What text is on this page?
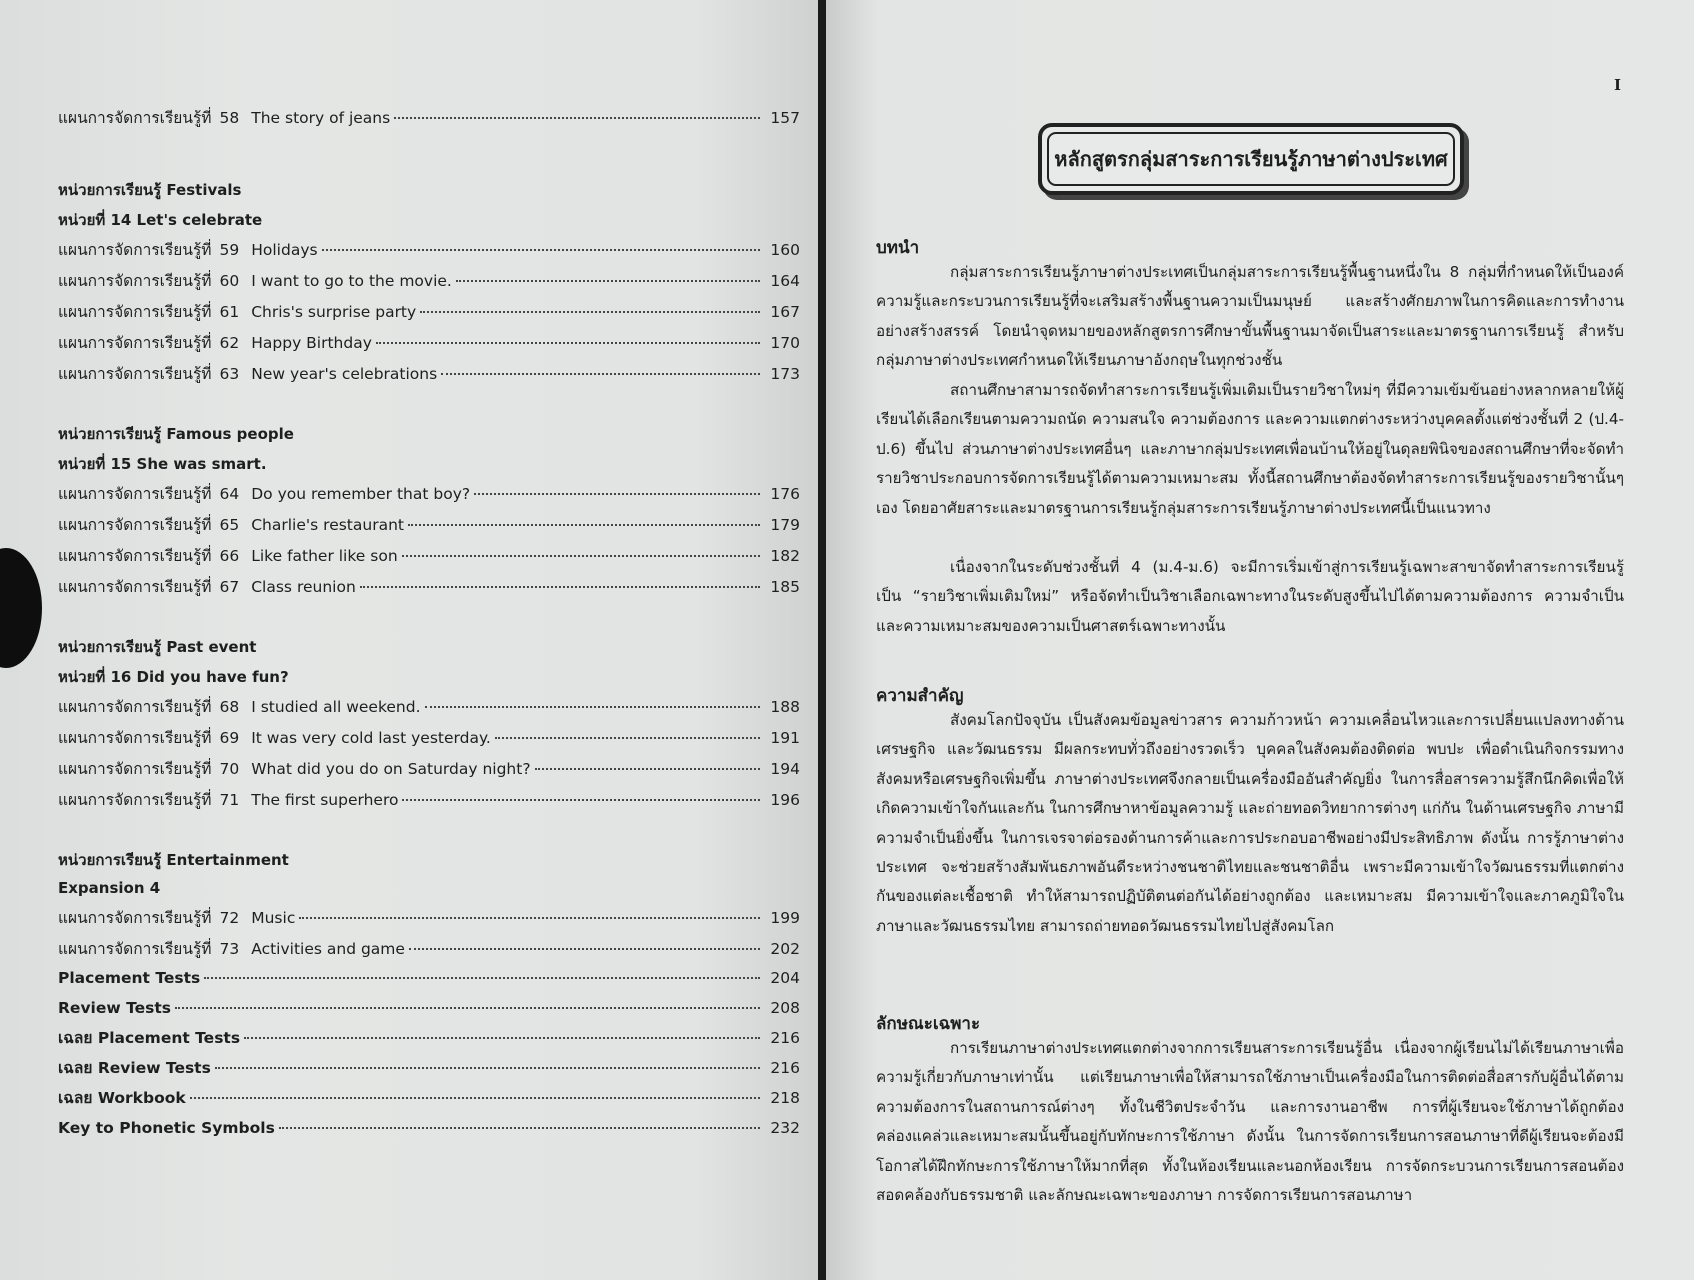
แผนการจัดการเรียนรู้ที่ 58 The story of jeans	157
หน่วยการเรียนรู้ Festivals
หน่วยที่ 14 Let's celebrate
แผนการจัดการเรียนรู้ที่ 59 Holidays	160
แผนการจัดการเรียนรู้ที่ 60 I want to go to the movie.	164
แผนการจัดการเรียนรู้ที่ 61 Chris's surprise party	167
แผนการจัดการเรียนรู้ที่ 62 Happy Birthday	170
แผนการจัดการเรียนรู้ที่ 63 New year's celebrations	173
หน่วยการเรียนรู้ Famous people
หน่วยที่ 15 She was smart.
แผนการจัดการเรียนรู้ที่ 64 Do you remember that boy?	176
แผนการจัดการเรียนรู้ที่ 65 Charlie's restaurant	179
แผนการจัดการเรียนรู้ที่ 66 Like father like son	182
แผนการจัดการเรียนรู้ที่ 67 Class reunion	185
หน่วยการเรียนรู้ Past event
หน่วยที่ 16 Did you have fun?
แผนการจัดการเรียนรู้ที่ 68 I studied all weekend.	188
แผนการจัดการเรียนรู้ที่ 69 It was very cold last yesterday.	191
แผนการจัดการเรียนรู้ที่ 70 What did you do on Saturday night?	194
แผนการจัดการเรียนรู้ที่ 71 The first superhero	196
หน่วยการเรียนรู้ Entertainment
Expansion 4
แผนการจัดการเรียนรู้ที่ 72 Music	199
แผนการจัดการเรียนรู้ที่ 73 Activities and game	202
Placement Tests	204
Review Tests	208
เฉลย Placement Tests	216
เฉลย Review Tests	216
เฉลย Workbook	218
Key to Phonetic Symbols	232
I
หลักสูตรกลุ่มสาระการเรียนรู้ภาษาต่างประเทศ
บทนำ
กลุ่มสาระการเรียนรู้ภาษาต่างประเทศเป็นกลุ่มสาระการเรียนรู้พื้นฐานหนึ่งใน 8 กลุ่มที่กำหนดให้เป็นองค์ความรู้และกระบวนการเรียนรู้ที่จะเสริมสร้างพื้นฐานความเป็นมนุษย์ และสร้างศักยภาพในการคิดและการทำงานอย่างสร้างสรรค์ โดยนำจุดหมายของหลักสูตรการศึกษาขั้นพื้นฐานมาจัดเป็นสาระและมาตรฐานการเรียนรู้ สำหรับกลุ่มภาษาต่างประเทศกำหนดให้เรียนภาษาอังกฤษในทุกช่วงชั้น
สถานศึกษาสามารถจัดทำสาระการเรียนรู้เพิ่มเติมเป็นรายวิชาใหม่ๆ ที่มีความเข้มข้นอย่างหลากหลายให้ผู้เรียนได้เลือกเรียนตามความถนัด ความสนใจ ความต้องการ และความแตกต่างระหว่างบุคคลตั้งแต่ช่วงชั้นที่ 2 (ป.4-ป.6) ขึ้นไป ส่วนภาษาต่างประเทศอื่นๆ และภาษากลุ่มประเทศเพื่อนบ้านให้อยู่ในดุลยพินิจของสถานศึกษาที่จะจัดทำรายวิชาประกอบการจัดการเรียนรู้ได้ตามความเหมาะสม ทั้งนี้สถานศึกษาต้องจัดทำสาระการเรียนรู้ของรายวิชานั้นๆ เอง โดยอาศัยสาระและมาตรฐานการเรียนรู้กลุ่มสาระการเรียนรู้ภาษาต่างประเทศนี้เป็นแนวทาง
เนื่องจากในระดับช่วงชั้นที่ 4 (ม.4-ม.6) จะมีการเริ่มเข้าสู่การเรียนรู้เฉพาะสาขาจัดทำสาระการเรียนรู้เป็น “รายวิชาเพิ่มเติมใหม่” หรือจัดทำเป็นวิชาเลือกเฉพาะทางในระดับสูงขึ้นไปได้ตามความต้องการ ความจำเป็น และความเหมาะสมของความเป็นศาสตร์เฉพาะทางนั้น
ความสำคัญ
สังคมโลกปัจจุบัน เป็นสังคมข้อมูลข่าวสาร ความก้าวหน้า ความเคลื่อนไหวและการเปลี่ยนแปลงทางด้านเศรษฐกิจ และวัฒนธรรม มีผลกระทบทั่วถึงอย่างรวดเร็ว บุคคลในสังคมต้องติดต่อ พบปะ เพื่อดำเนินกิจกรรมทางสังคมหรือเศรษฐกิจเพิ่มขึ้น ภาษาต่างประเทศจึงกลายเป็นเครื่องมืออันสำคัญยิ่ง ในการสื่อสารความรู้สึกนึกคิดเพื่อให้เกิดความเข้าใจกันและกัน ในการศึกษาหาข้อมูลความรู้ และถ่ายทอดวิทยาการต่างๆ แก่กัน ในด้านเศรษฐกิจ ภาษามีความจำเป็นยิ่งขึ้น ในการเจรจาต่อรองด้านการค้าและการประกอบอาชีพอย่างมีประสิทธิภาพ ดังนั้น การรู้ภาษาต่างประเทศ จะช่วยสร้างสัมพันธภาพอันดีระหว่างชนชาติไทยและชนชาติอื่น เพราะมีความเข้าใจวัฒนธรรมที่แตกต่างกันของแต่ละเชื้อชาติ ทำให้สามารถปฏิบัติตนต่อกันได้อย่างถูกต้อง และเหมาะสม มีความเข้าใจและภาคภูมิใจในภาษาและวัฒนธรรมไทย สามารถถ่ายทอดวัฒนธรรมไทยไปสู่สังคมโลก
ลักษณะเฉพาะ
การเรียนภาษาต่างประเทศแตกต่างจากการเรียนสาระการเรียนรู้อื่น เนื่องจากผู้เรียนไม่ได้เรียนภาษาเพื่อความรู้เกี่ยวกับภาษาเท่านั้น แต่เรียนภาษาเพื่อให้สามารถใช้ภาษาเป็นเครื่องมือในการติดต่อสื่อสารกับผู้อื่นได้ตามความต้องการในสถานการณ์ต่างๆ ทั้งในชีวิตประจำวัน และการงานอาชีพ การที่ผู้เรียนจะใช้ภาษาได้ถูกต้องคล่องแคล่วและเหมาะสมนั้นขึ้นอยู่กับทักษะการใช้ภาษา ดังนั้น ในการจัดการเรียนการสอนภาษาที่ดีผู้เรียนจะต้องมีโอกาสได้ฝึกทักษะการใช้ภาษาให้มากที่สุด ทั้งในห้องเรียนและนอกห้องเรียน การจัดกระบวนการเรียนการสอนต้องสอดคล้องกับธรรมชาติ และลักษณะเฉพาะของภาษา การจัดการเรียนการสอนภาษา
